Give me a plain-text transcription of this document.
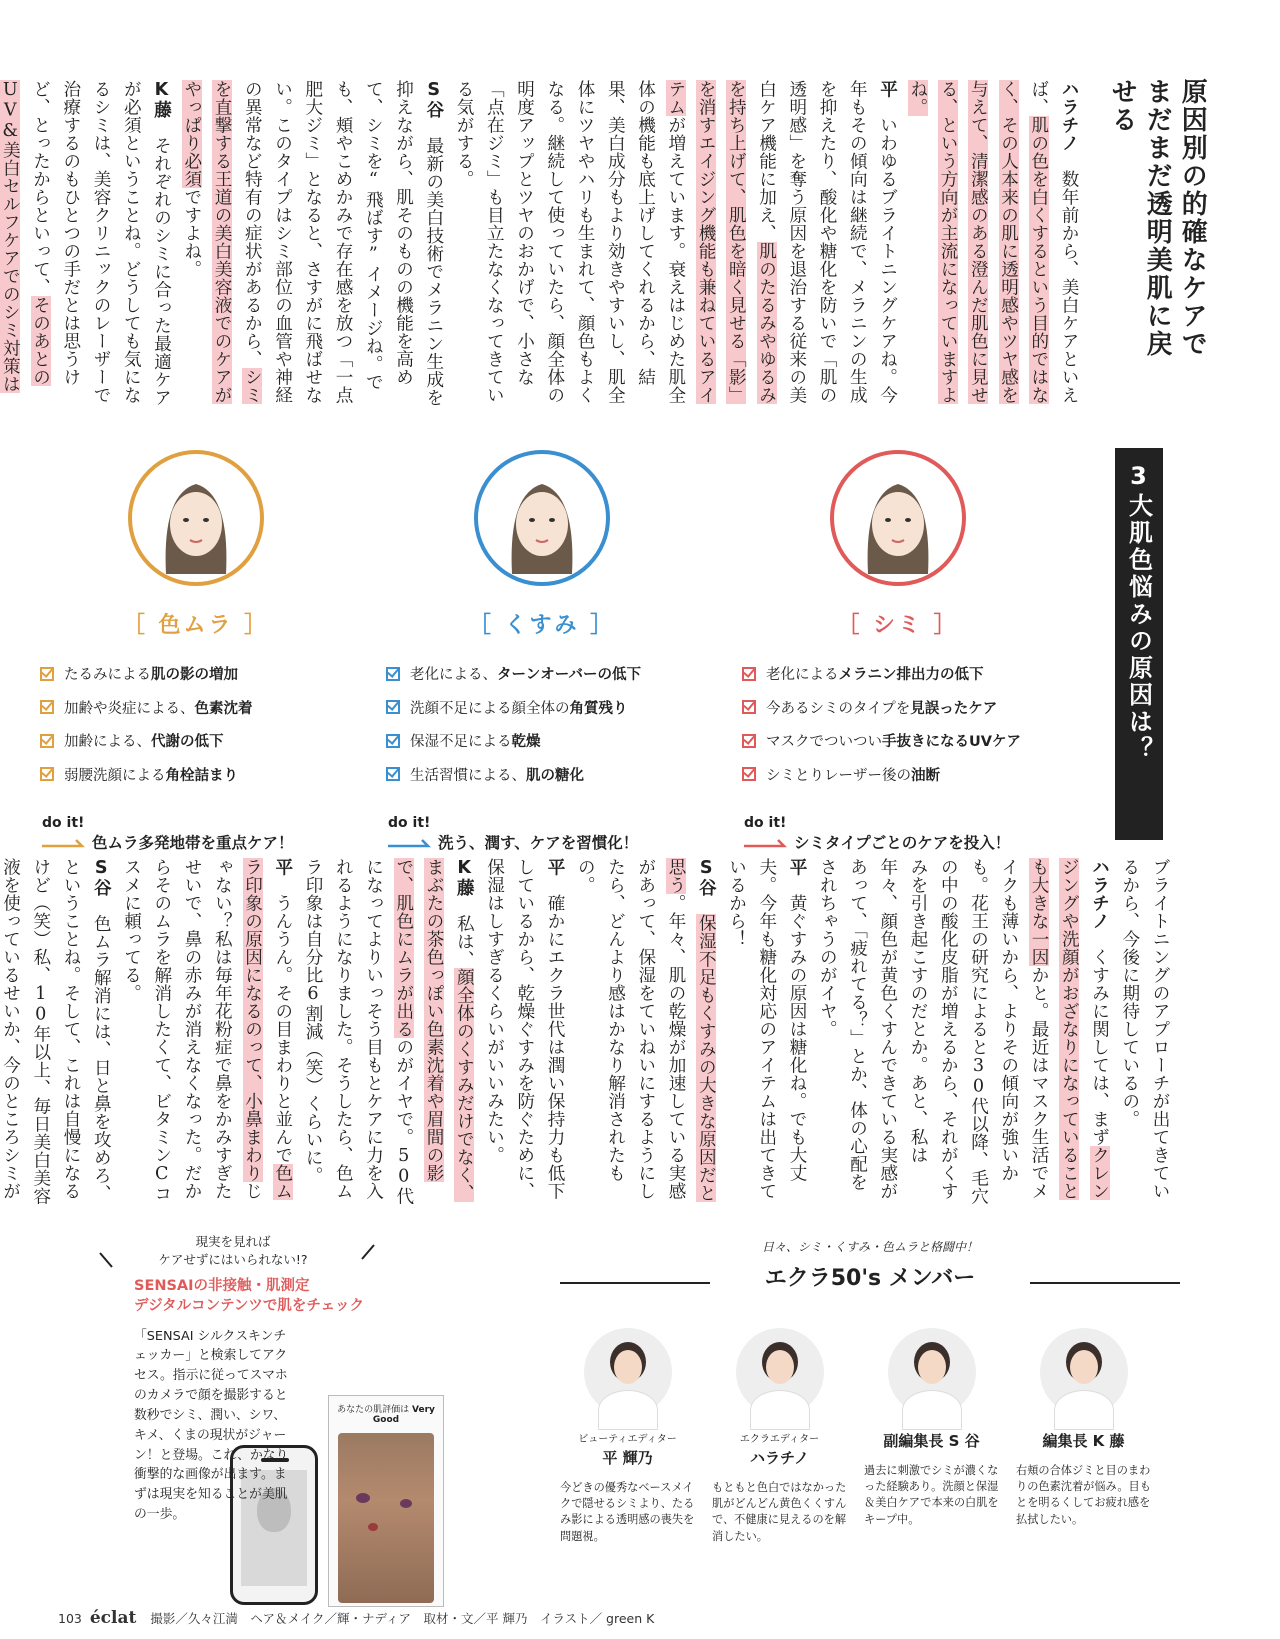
原因別の的確なケアでまだまだ透明美肌に戻せる
ハラチノ　数年前から、美白ケアといえば、肌の色を白くするという目的ではなく、その人本来の肌に透明感やツヤ感を与えて、清潔感のある澄んだ肌色に見せる、という方向が主流になっていますよね。
平　いわゆるブライトニングケアね。今年もその傾向は継続で、メラニンの生成を抑えたり、酸化や糖化を防いで「肌の透明感」を奪う原因を退治する従来の美白ケア機能に加え、肌のたるみやゆるみを持ち上げて、肌色を暗く見せる「影」を消すエイジング機能も兼ねているアイテムが増えています。衰えはじめた肌全体の機能も底上げしてくれるから、結果、美白成分もより効きやすいし、肌全体にツヤやハリも生まれて、顔色もよくなる。継続して使っていたら、顔全体の明度アップとツヤのおかげで、小さな「点在ジミ」も目立たなくなってきている気がする。
S谷　最新の美白技術でメラニン生成を抑えながら、肌そのものの機能を高めて、シミを“飛ばす”イメージね。でも、頬やこめかみで存在感を放つ「一点肥大ジミ」となると、さすがに飛ばせない。このタイプはシミ部位の血管や神経の異常など特有の症状があるから、シミを直撃する王道の美白美容液でのケアがやっぱり必須ですよね。
K藤　それぞれのシミに合った最適ケアが必須ということね。どうしても気になるシミは、美容クリニックのレーザーで治療するのもひとつの手だとは思うけど、とったからといって、そのあとのUV&美白セルフケアでのシミ対策は
［ 色ムラ ］
たるみによる 肌の影の増加
加齢や炎症による、 色素沈着
加齢による、 代謝の低下
弱腰洗顔による 角栓詰まり
do it!
色ムラ多発地帯を重点ケア！
［ くすみ ］
老化による、 ターンオーバーの低下
洗顔不足による顔全体の 角質残り
保湿不足による 乾燥
生活習慣による、 肌の糖化
do it!
洗う、潤す、ケアを習慣化！
［ シミ ］
老化による メラニン排出力の低下
今あるシミのタイプを 見誤ったケア
マスクでついつい 手抜きになるUVケア
シミとりレーザー後の 油断
do it!
シミタイプごとのケアを投入！
3大肌色悩みの原因は？
ブライトニングのアプローチが出てきているから、今後に期待しているの。
ハラチノ　くすみに関しては、まずクレンジングや洗顔がおざなりになっていることも大きな一因かと。最近はマスク生活でメイクも薄いから、よりその傾向が強いかも。花王の研究によると30代以降、毛穴の中の酸化皮脂が増えるから、それがくすみを引き起こすのだとか。あと、私は年々、顔色が黄色くすんできている実感があって、「疲れてる？」とか、体の心配をされちゃうのがイヤ。
平　黄ぐすみの原因は糖化ね。でも大丈夫。今年も糖化対応のアイテムは出てきているから！
S谷　保湿不足もくすみの大きな原因だと思う。年々、肌の乾燥が加速している実感があって、保湿をていねいにするようにしたら、どんより感はかなり解消されたもの。
平　確かにエクラ世代は潤い保持力も低下しているから、乾燥ぐすみを防ぐために、保湿はしすぎるくらいがいいみたい。
K藤　私は、顔全体のくすみだけでなく、まぶたの茶色っぽい色素沈着や眉間の影で、肌色にムラが出るのがイヤで。50代になってよりいっそう目もとケアに力を入れるようになりました。そうしたら、色ムラ印象は自分比6割減（笑）くらいに。
平　うんうん。その目まわりと並んで色ムラ印象の原因になるのって、小鼻まわりじゃない？私は毎年花粉症で鼻をかみすぎたせいで、鼻の赤みが消えなくなった。だからそのムラを解消したくて、ビタミンCコスメに頼ってる。
S谷　色ムラ解消には、日と鼻を攻めろ、ということね。そして、これは自慢になるけど（笑）私、10年以上、毎日美白美容液を使っているせいか、今のところシミが
現実を見れば
ケアせずにはいられない!?
SENSAIの非接触・肌測定
デジタルコンテンツで肌をチェック
「SENSAI シルクスキンチェッカー」と検索してアクセス。指示に従ってスマホのカメラで顔を撮影すると数秒でシミ、潤い、シワ、キメ、くまの現状がジャーン！と登場。これ、かなり衝撃的な画像が出ます。まずは現実を知ることが美肌の一歩。
あなたの肌評価は Very Good
日々、シミ・くすみ・色ムラと格闘中！
エクラ50's メンバー
ビューティエディター
平 輝乃
今どきの優秀なベースメイクで隠せるシミより、たるみ影による透明感の喪失を問題視。
エクラエディター
ハラチノ
もともと色白ではなかった肌がどんどん黄色くくすんで、不健康に見えるのを解消したい。
副編集長 S 谷
過去に刺激でシミが濃くなった経験あり。洗顔と保湿＆美白ケアで本来の白肌をキープ中。
編集長 K 藤
右頬の合体ジミと目のまわりの色素沈着が悩み。目もとを明るくしてお疲れ感を払拭したい。
103 éclat 撮影／久々江満　ヘア＆メイク／輝・ナディア　取材・文／平 輝乃　イラスト／ green K
